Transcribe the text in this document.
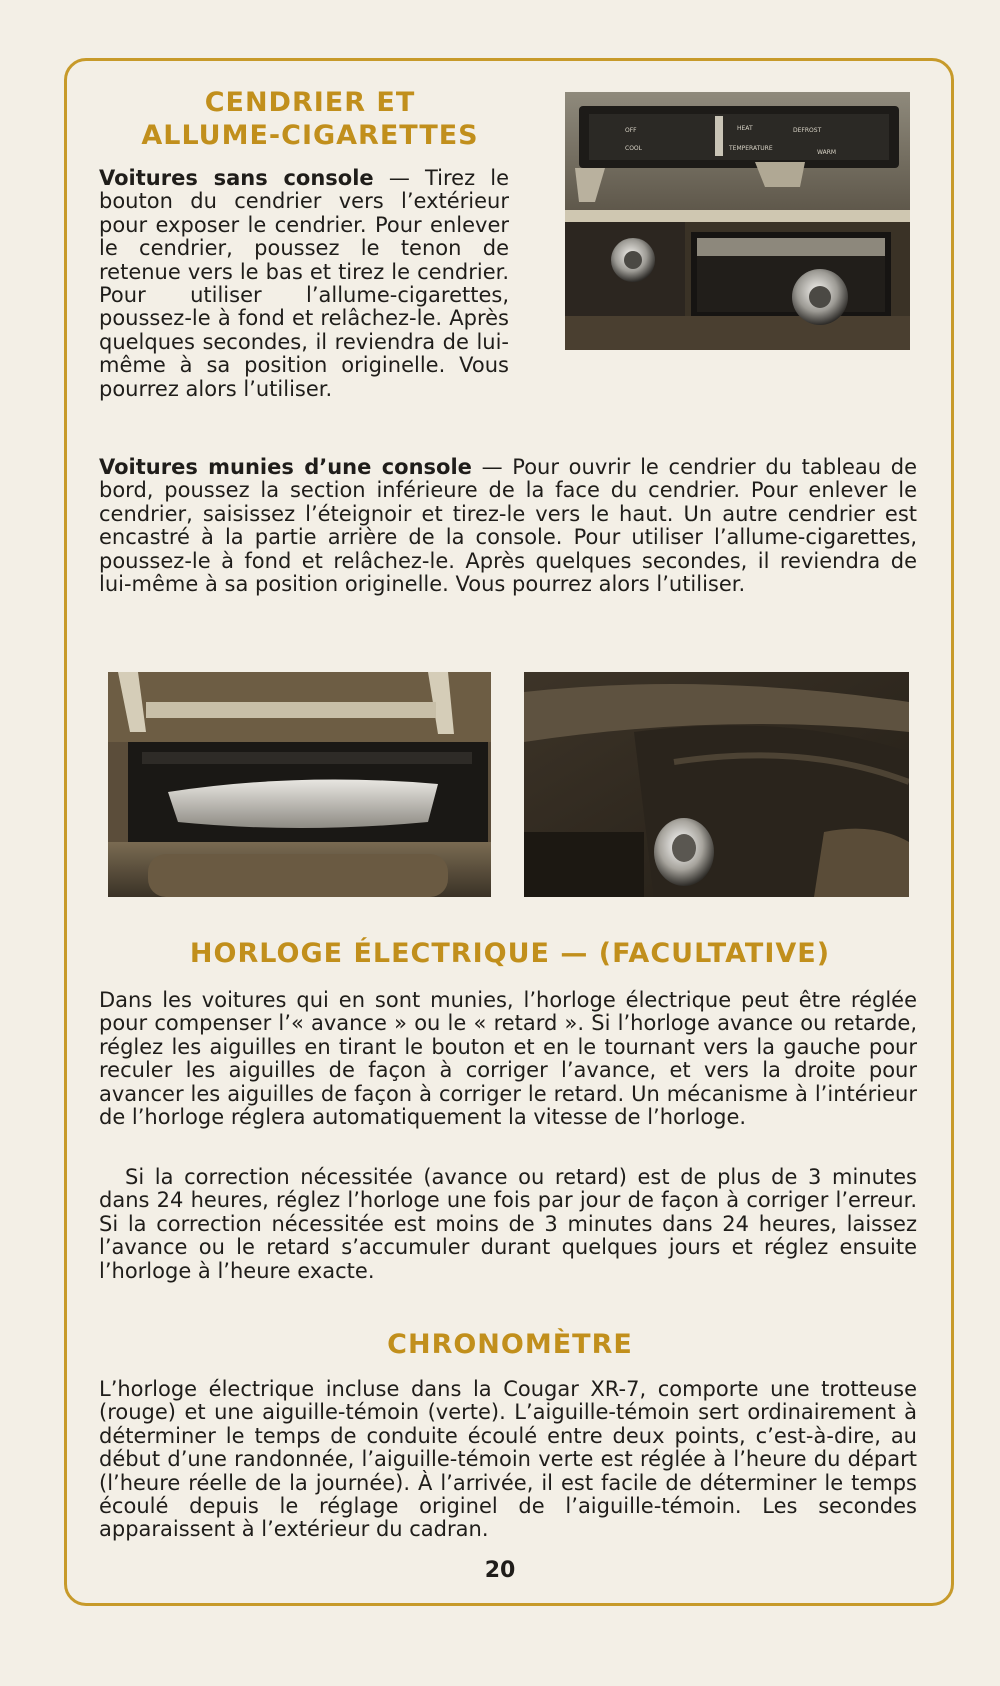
CENDRIER ET
ALLUME-CIGARETTES

Voitures sans console — Tirez le bouton du cendrier vers l’extérieur pour exposer le cendrier. Pour enlever le cendrier, poussez le tenon de retenue vers le bas et tirez le cendrier. Pour utiliser l’allume-cigarettes, poussez-le à fond et relâchez-le. Après quelques secondes, il reviendra de lui-même à sa position originelle. Vous pourrez alors l’utiliser.

OFF
COOL
HEAT	DEFROST
TEMPERATURE
WARM

Voitures munies d’une console — Pour ouvrir le cendrier du tableau de bord, poussez la section inférieure de la face du cendrier. Pour enlever le cendrier, saisissez l’éteignoir et tirez-le vers le haut. Un autre cendrier est encastré à la partie arrière de la console. Pour utiliser l’allume-cigarettes, poussez-le à fond et relâchez-le. Après quelques secondes, il reviendra de lui-même à sa position originelle. Vous pourrez alors l’utiliser.

HORLOGE ÉLECTRIQUE — (FACULTATIVE)

Dans les voitures qui en sont munies, l’horloge électrique peut être réglée pour compenser l’« avance » ou le « retard ». Si l’horloge avance ou retarde, réglez les aiguilles en tirant le bouton et en le tournant vers la gauche pour reculer les aiguilles de façon à corriger l’avance, et vers la droite pour avancer les aiguilles de façon à corriger le retard. Un mécanisme à l’intérieur de l’horloge réglera automatiquement la vitesse de l’horloge.

Si la correction nécessitée (avance ou retard) est de plus de 3 minutes dans 24 heures, réglez l’horloge une fois par jour de façon à corriger l’erreur. Si la correction nécessitée est moins de 3 minutes dans 24 heures, laissez l’avance ou le retard s’accumuler durant quelques jours et réglez ensuite l’horloge à l’heure exacte.

CHRONOMÈTRE

L’horloge électrique incluse dans la Cougar XR-7, comporte une trotteuse (rouge) et une aiguille-témoin (verte). L’aiguille-témoin sert ordinairement à déterminer le temps de conduite écoulé entre deux points, c’est-à-dire, au début d’une randonnée, l’aiguille-témoin verte est réglée à l’heure du départ (l’heure réelle de la journée). À l’arrivée, il est facile de déterminer le temps écoulé depuis le réglage originel de l’aiguille-témoin. Les secondes apparaissent à l’extérieur du cadran.

20
